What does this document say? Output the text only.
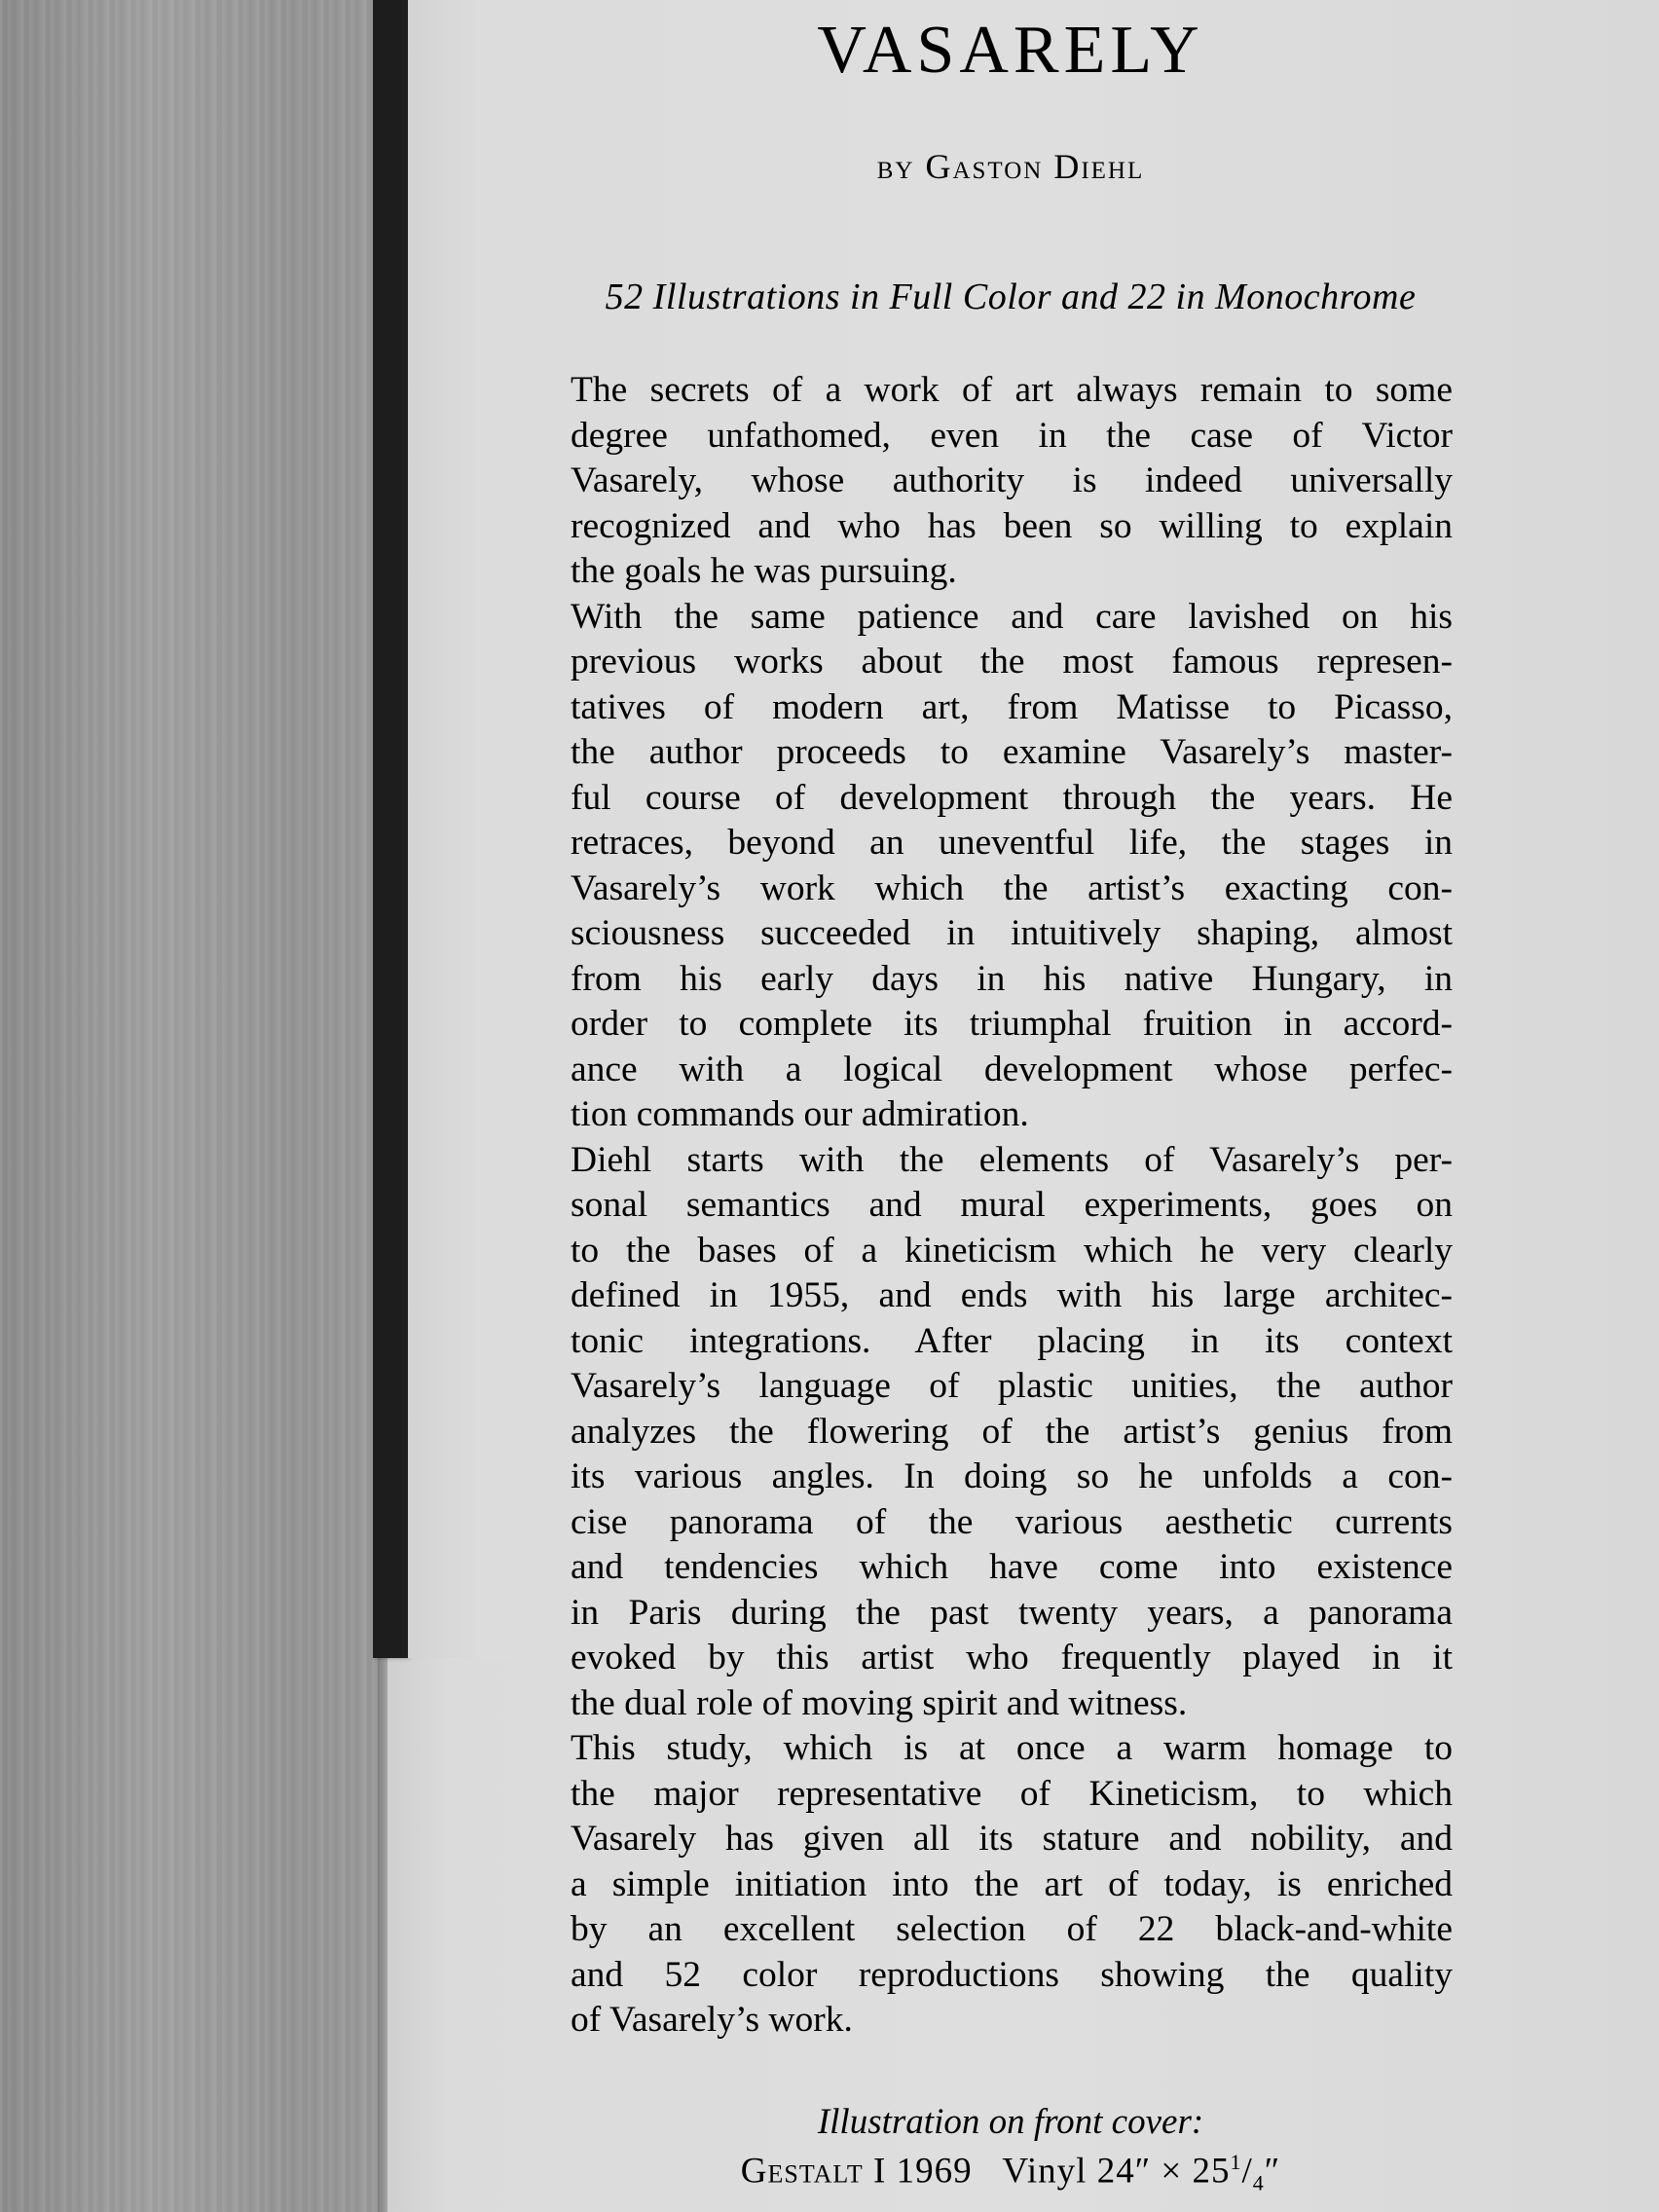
VASARELY
by Gaston Diehl
52 Illustrations in Full Color and 22 in Monochrome
The secrets of a work of art always remain to some
degree unfathomed, even in the case of Victor
Vasarely, whose authority is indeed universally
recognized and who has been so willing to explain
the goals he was pursuing.
With the same patience and care lavished on his
previous works about the most famous represen-
tatives of modern art, from Matisse to Picasso,
the author proceeds to examine Vasarely’s master-
ful course of development through the years. He
retraces, beyond an uneventful life, the stages in
Vasarely’s work which the artist’s exacting con-
sciousness succeeded in intuitively shaping, almost
from his early days in his native Hungary, in
order to complete its triumphal fruition in accord-
ance with a logical development whose perfec-
tion commands our admiration.
Diehl starts with the elements of Vasarely’s per-
sonal semantics and mural experiments, goes on
to the bases of a kineticism which he very clearly
defined in 1955, and ends with his large architec-
tonic integrations. After placing in its context
Vasarely’s language of plastic unities, the author
analyzes the flowering of the artist’s genius from
its various angles. In doing so he unfolds a con-
cise panorama of the various aesthetic currents
and tendencies which have come into existence
in Paris during the past twenty years, a panorama
evoked by this artist who frequently played in it
the dual role of moving spirit and witness.
This study, which is at once a warm homage to
the major representative of Kineticism, to which
Vasarely has given all its stature and nobility, and
a simple initiation into the art of today, is enriched
by an excellent selection of 22 black-and-white
and 52 color reproductions showing the quality
of Vasarely’s work.
Illustration on front cover:
Gestalt I 1969 Vinyl $24'' \times 25^1/_4''$
